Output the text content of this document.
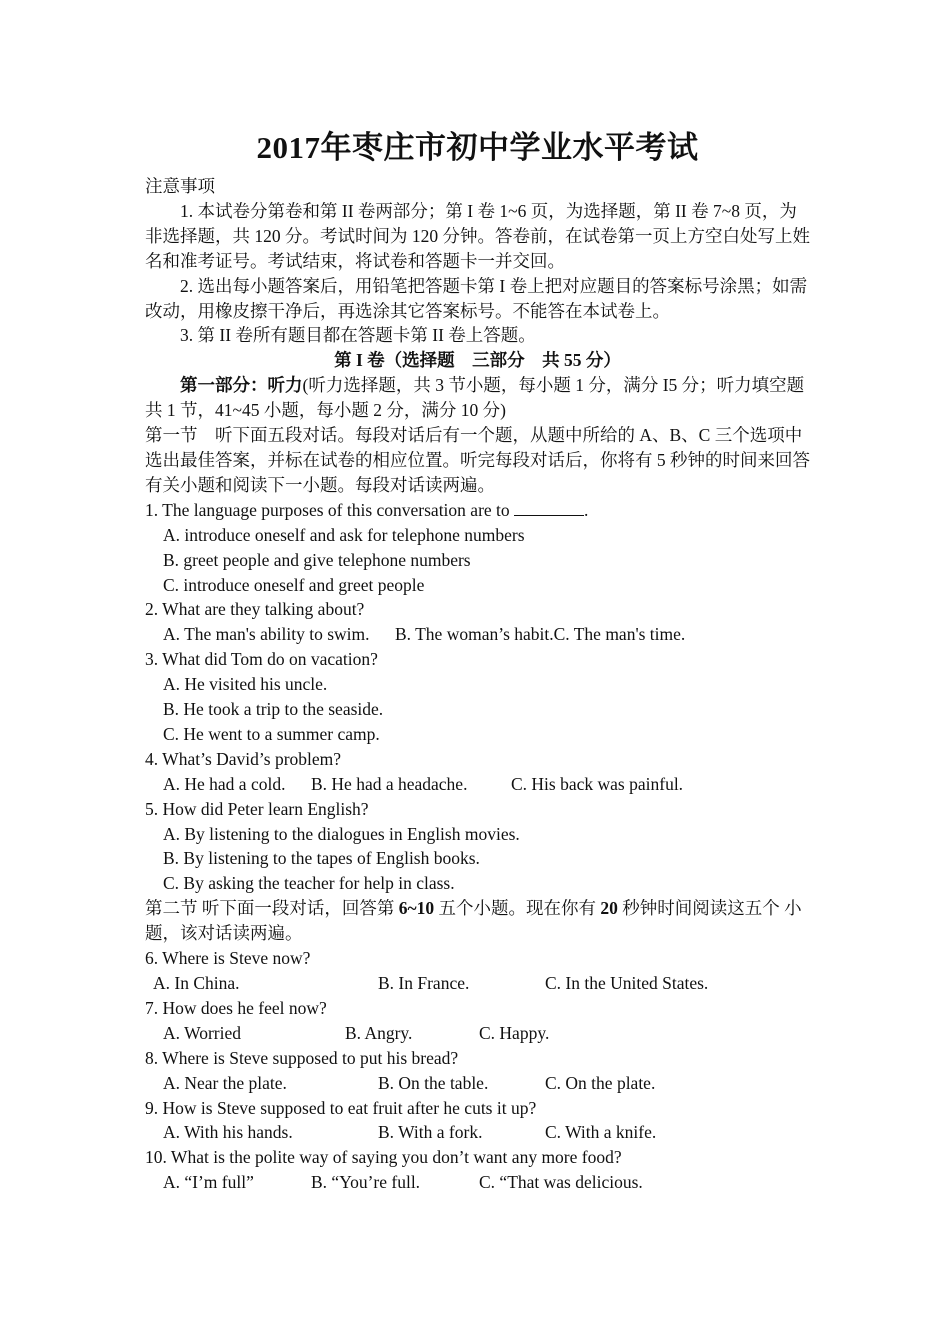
2017年枣庄市初中学业水平考试

注意事项

1. 本试卷分第卷和第 II 卷两部分；第 I 卷 1~6 页，为选择题，第 II 卷 7~8 页，为非选择题，共 120 分。考试时间为 120 分钟。答卷前，在试卷第一页上方空白处写上姓名和准考证号。考试结束，将试卷和答题卡一并交回。

2. 选出每小题答案后，用铅笔把答题卡第 I 卷上把对应题目的答案标号涂黑；如需改动，用橡皮擦干净后，再选涂其它答案标号。不能答在本试卷上。

3. 第 II 卷所有题目都在答题卡第 II 卷上答题。

第 I 卷（选择题　三部分　共 55 分）

第一部分：听力(听力选择题，共 3 节小题，每小题 1 分，满分 I5 分；听力填空题 共 1 节，41~45 小题，每小题 2 分，满分 10 分)

第一节　听下面五段对话。每段对话后有一个题，从题中所给的 A、B、C 三个选项中 选出最佳答案，并标在试卷的相应位置。听完每段对话后，你将有 5 秒钟的时间来回答有关小题和阅读下一小题。每段对话读两遍。

1. The language purposes of this conversation are to	.

A. introduce oneself and ask for telephone numbers

B. greet people and give telephone numbers

C. introduce oneself and greet people

2. What are they talking about?

A. The man's ability to swim.	B. The woman’s habit. C. The man's time.

3. What did Tom do on vacation?

A. He visited his uncle.

B. He took a trip to the seaside.

C. He went to a summer camp.

4. What’s David’s problem?

A. He had a cold.	B. He had a headache.	C. His back was painful.

5. How did Peter learn English?

A. By listening to the dialogues in English movies.

B. By listening to the tapes of English books.

C. By asking the teacher for help in class.

第二节 听下面一段对话，回答第 6~10 五个小题。现在你有 20 秒钟时间阅读这五个 小题，该对话读两遍。

6. Where is Steve now?

A. In China.	B. In France.	C. In the United States.

7. How does he feel now?

A. Worried	B. Angry.	C. Happy.

8. Where is Steve supposed to put his bread?

A. Near the plate.	B. On the table.	C. On the plate.

9. How is Steve supposed to eat fruit after he cuts it up?

A. With his hands.	B. With a fork.	C. With a knife.

10. What is the polite way of saying you don’t want any more food?

A. “I’m full”	B. “You’re full.	C. “That was delicious.
